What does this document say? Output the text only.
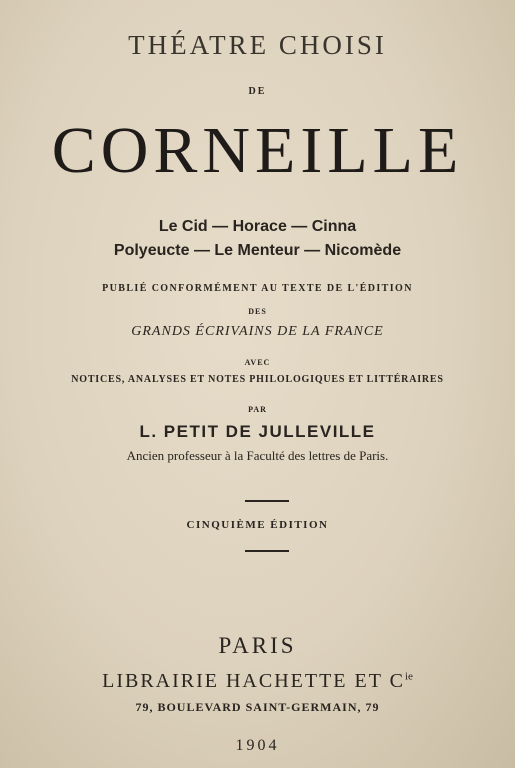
THÉATRE CHOISI
DE
CORNEILLE
Le Cid — Horace — Cinna
Polyeucte — Le Menteur — Nicomède
PUBLIÉ CONFORMÉMENT AU TEXTE DE L'ÉDITION
DES
GRANDS ÉCRIVAINS DE LA FRANCE
AVEC
NOTICES, ANALYSES ET NOTES PHILOLOGIQUES ET LITTÉRAIRES
PAR
L. PETIT DE JULLEVILLE
Ancien professeur à la Faculté des lettres de Paris.
CINQUIÈME ÉDITION
PARIS
LIBRAIRIE HACHETTE ET $C^{ie}$
79, BOULEVARD SAINT-GERMAIN, 79
1904
